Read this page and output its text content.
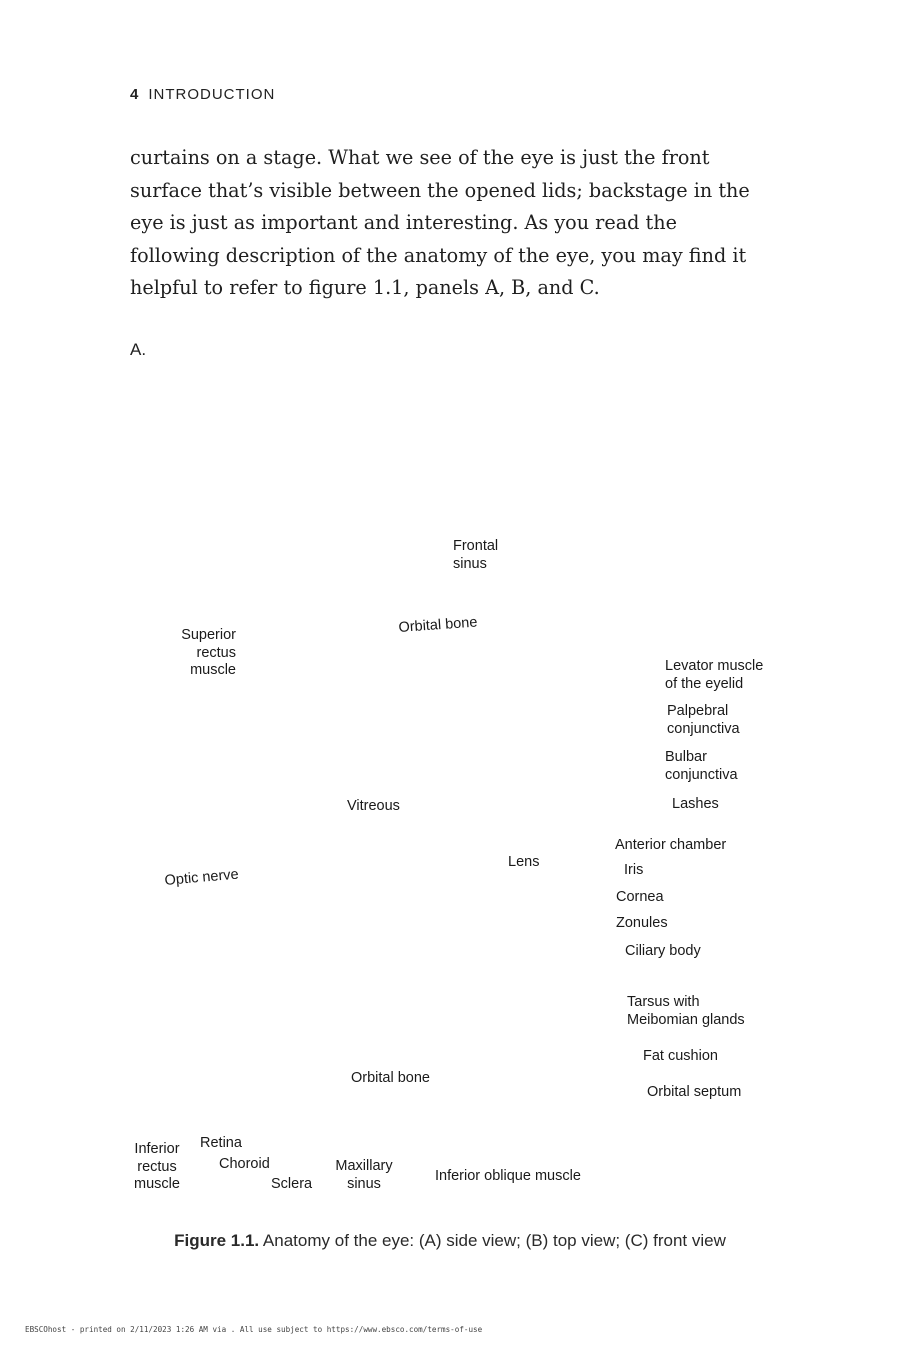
4 INTRODUCTION

curtains on a stage. What we see of the eye is just the front surface that’s visible between the opened lids; backstage in the eye is just as important and interesting. As you read the following description of the anatomy of the eye, you may find it helpful to refer to figure 1.1, panels A, B, and C.

A.
Frontal
sinus
Orbital bone
Superior
rectus
muscle	Levator muscle
of the eyelid
Palpebral
conjunctiva
Bulbar
conjunctiva
Lashes
Vitreous
Anterior chamber
Lens	Iris
Optic nerve
Cornea
Zonules
Ciliary body
Tarsus with
Meibomian glands
Fat cushion
Orbital bone
Orbital septum
Retina
Inferior
rectus
muscle
Choroid	Maxillary
sinus	Inferior oblique muscle
Sclera
Figure 1.1. Anatomy of the eye: (A) side view; (B) top view; (C) front view
EBSCOhost - printed on 2/11/2023 1:26 AM via . All use subject to https://www.ebsco.com/terms-of-use
